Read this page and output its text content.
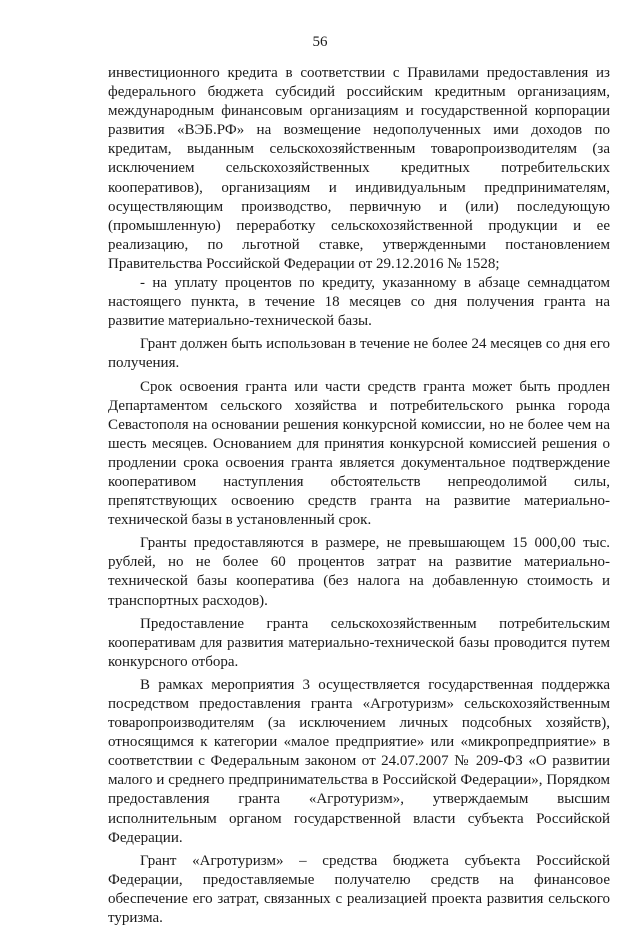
56

инвестиционного кредита в соответствии с Правилами предоставления из федерального бюджета субсидий российским кредитным организациям, международным финансовым организациям и государственной корпорации развития «ВЭБ.РФ» на возмещение недополученных ими доходов по кредитам, выданным сельскохозяйственным товаропроизводителям (за исключением сельскохозяйственных кредитных потребительских кооперативов), организациям и индивидуальным предпринимателям, осуществляющим производство, первичную и (или) последующую (промышленную) переработку сельскохозяйственной продукции и ее реализацию, по льготной ставке, утвержденными постановлением Правительства Российской Федерации от 29.12.2016 № 1528;

- на уплату процентов по кредиту, указанному в абзаце семнадцатом настоящего пункта, в течение 18 месяцев со дня получения гранта на развитие материально-технической базы.

Грант должен быть использован в течение не более 24 месяцев со дня его получения.

Срок освоения гранта или части средств гранта может быть продлен Департаментом сельского хозяйства и потребительского рынка города Севастополя на основании решения конкурсной комиссии, но не более чем на шесть месяцев. Основанием для принятия конкурсной комиссией решения о продлении срока освоения гранта является документальное подтверждение кооперативом наступления обстоятельств непреодолимой силы, препятствующих освоению средств гранта на развитие материально- технической базы в установленный срок.

Гранты предоставляются в размере, не превышающем 15 000,00 тыс. рублей, но не более 60 процентов затрат на развитие материально-технической базы кооператива (без налога на добавленную стоимость и транспортных расходов).

Предоставление гранта сельскохозяйственным потребительским кооперативам для развития материально-технической базы проводится путем конкурсного отбора.

В рамках мероприятия 3 осуществляется государственная поддержка посредством предоставления гранта «Агротуризм» сельскохозяйственным товаропроизводителям (за исключением личных подсобных хозяйств), относящимся к категории «малое предприятие» или «микропредприятие» в соответствии с Федеральным законом от 24.07.2007 № 209-ФЗ «О развитии малого и среднего предпринимательства в Российской Федерации», Порядком предоставления гранта «Агротуризм», утверждаемым высшим исполнительным органом государственной власти субъекта Российской Федерации.

Грант «Агротуризм» – средства бюджета субъекта Российской Федерации, предоставляемые получателю средств на финансовое обеспечение его затрат, связанных с реализацией проекта развития сельского туризма.
